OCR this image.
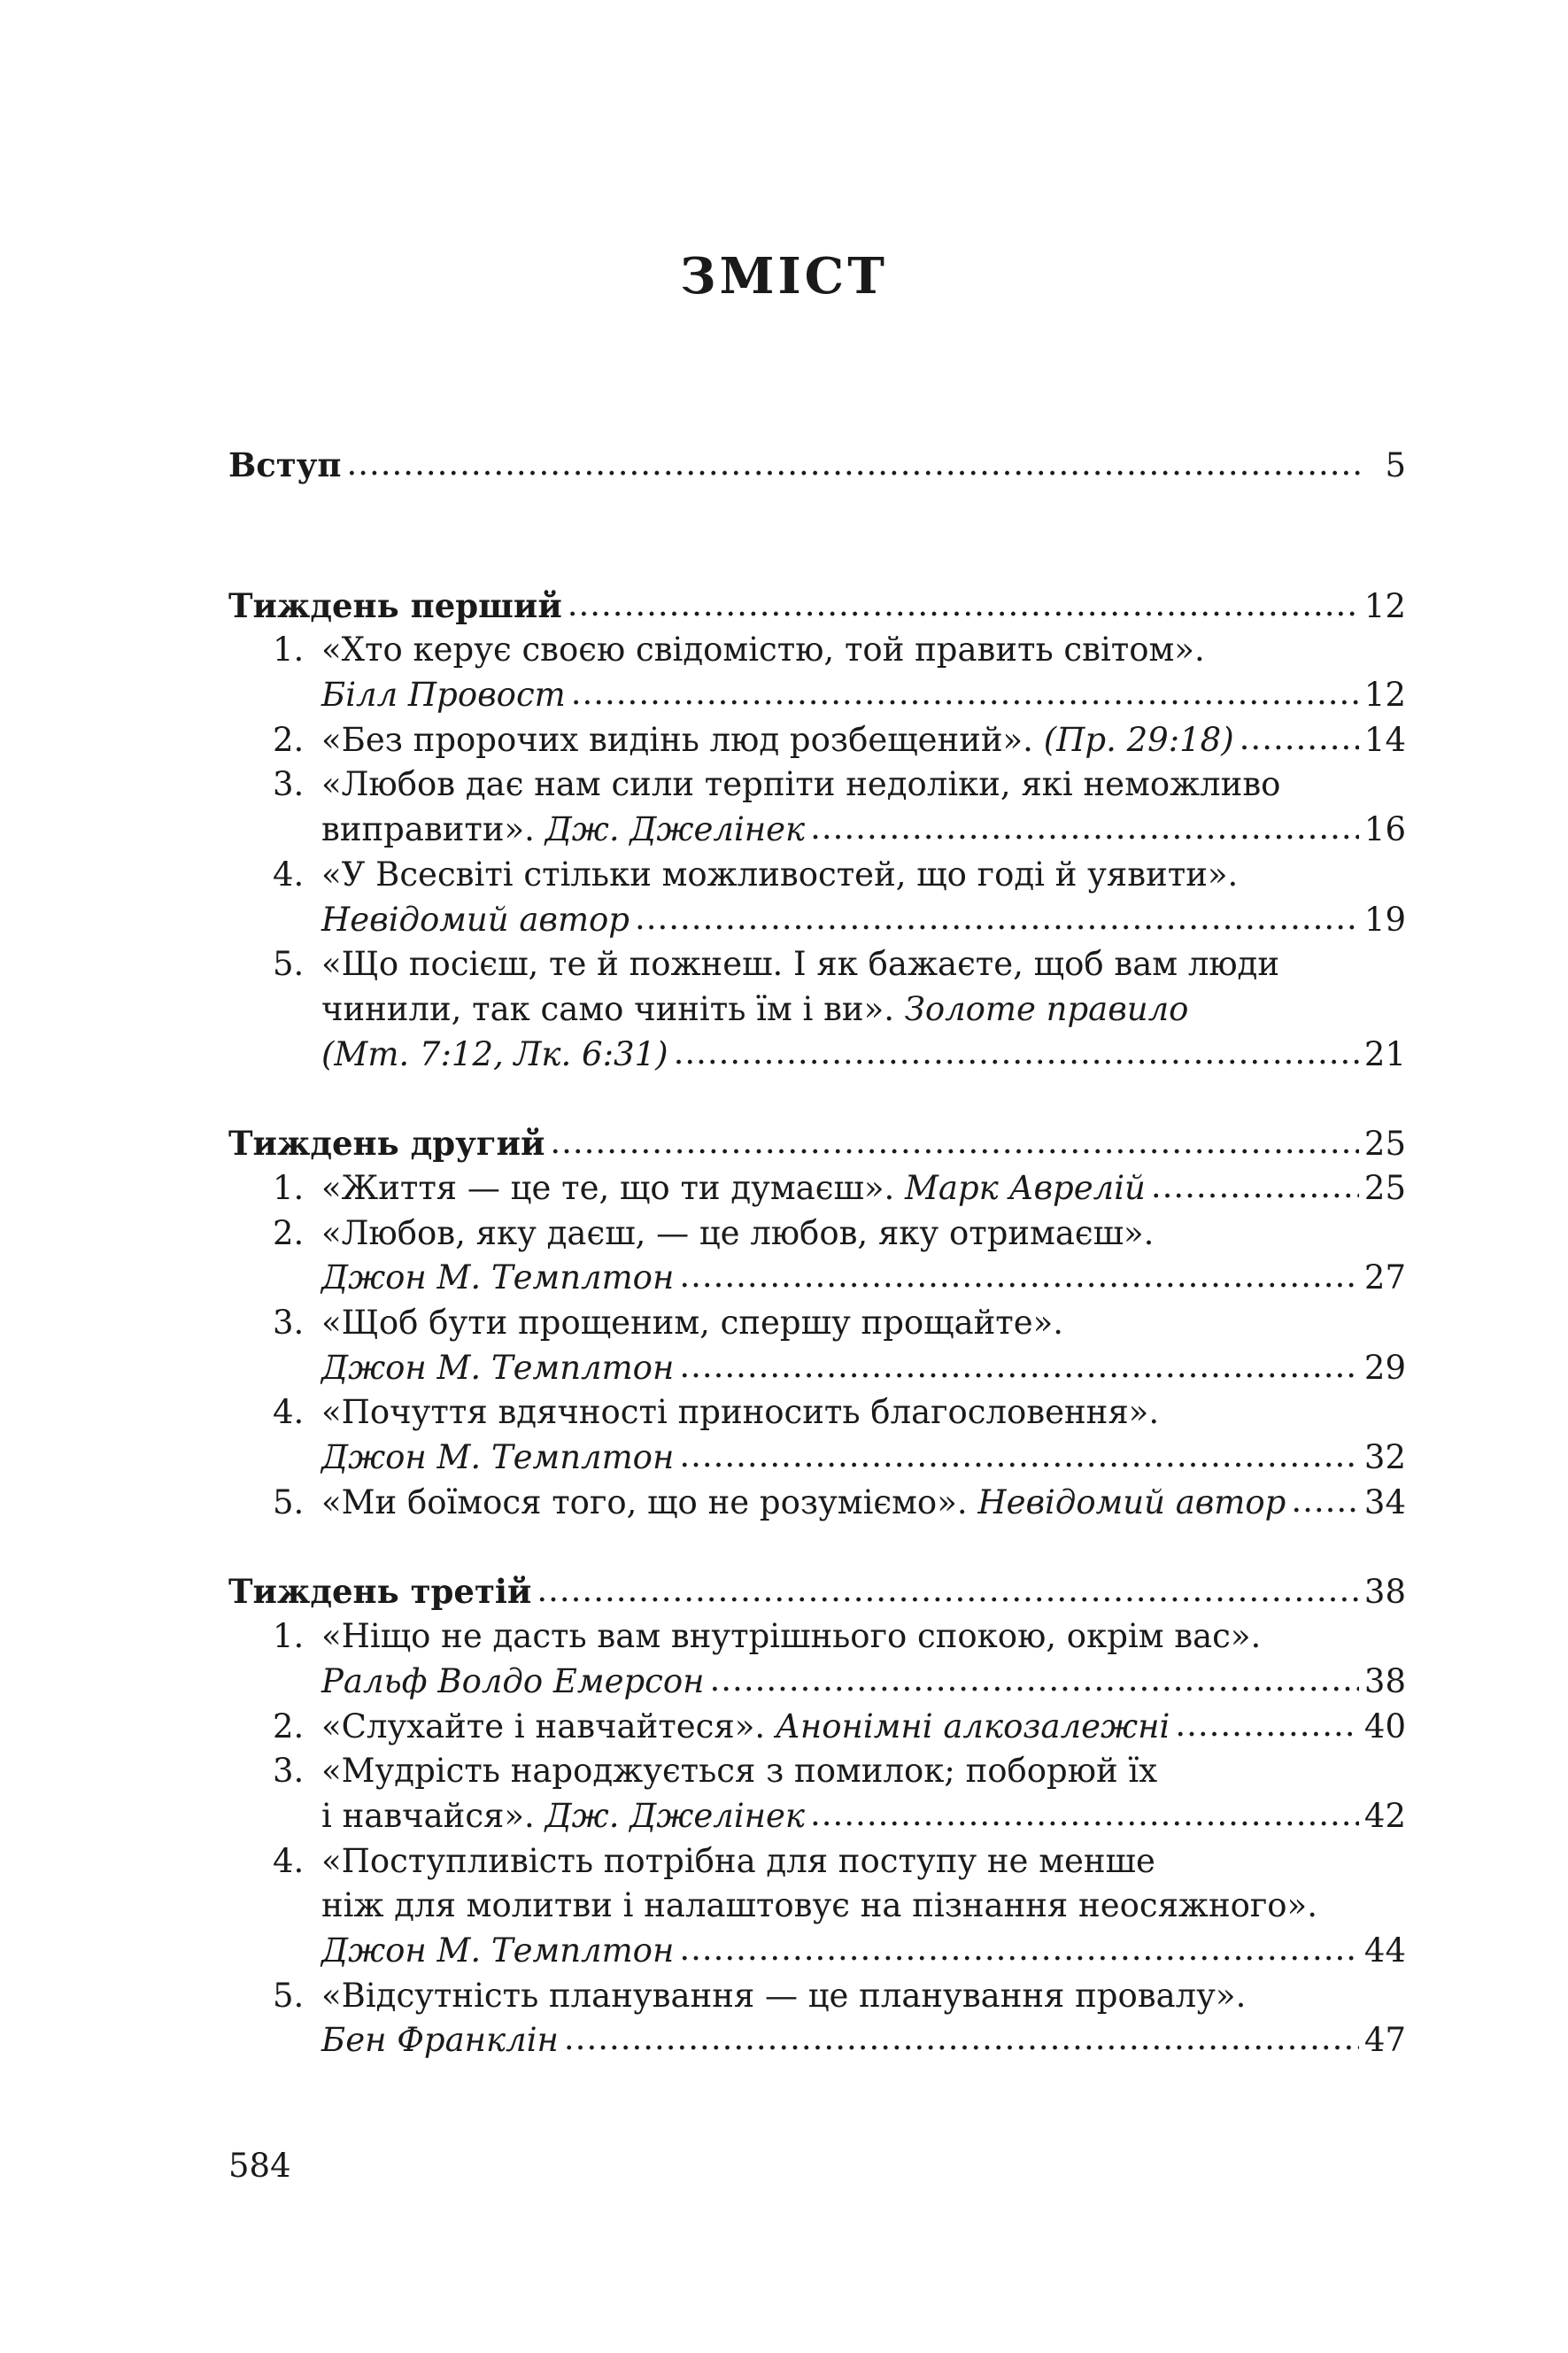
ЗМІСТ
Вступ .....	5
Тиждень перший .....	12
1. «Хто керує своєю свідомістю, той править світом».
Білл Провост .....	12
2. «Без пророчих видінь люд розбещений».
(Пр. 29:18) .....	14
3. «Любов дає нам сили терпіти недоліки, які неможливо
виправити».
Дж. Джелінек .....	16
4. «У Всесвіті стільки можливостей, що годі й уявити».
Невідомий автор .....	19
5. «Що посієш, те й пожнеш. І як бажаєте, щоб вам люди
чинили, так само чиніть їм і ви».
Золоте правило
(Мт. 7:12, Лк. 6:31) .....	21
Тиждень другий .....	25
1. «Життя — це те, що ти думаєш».
Марк Аврелій .....	25
2. «Любов, яку даєш, — це любов, яку отримаєш».
Джон М. Темплтон .....	27
3. «Щоб бути прощеним, спершу прощайте».
Джон М. Темплтон .....	29
4. «Почуття вдячності приносить благословення».
Джон М. Темплтон .....	32
5. «Ми боїмося того, що не розуміємо».
Невідомий автор ..... 34
Тиждень третій .....	38
1. «Ніщо не дасть вам внутрішнього спокою, окрім вас».
Ральф Волдо Емерсон .....	38
2. «Слухайте і навчайтеся».
Анонімні алкозалежні .....	40
3. «Мудрість народжується з помилок; поборюй їх
і навчайся».
Дж. Джелінек .....	42
4. «Поступливість потрібна для поступу не менше
ніж для молитви і налаштовує на пізнання неосяжного».
Джон М. Темплтон .....	44
5. «Відсутність планування — це планування провалу».
Бен Франклін .....	47
584
